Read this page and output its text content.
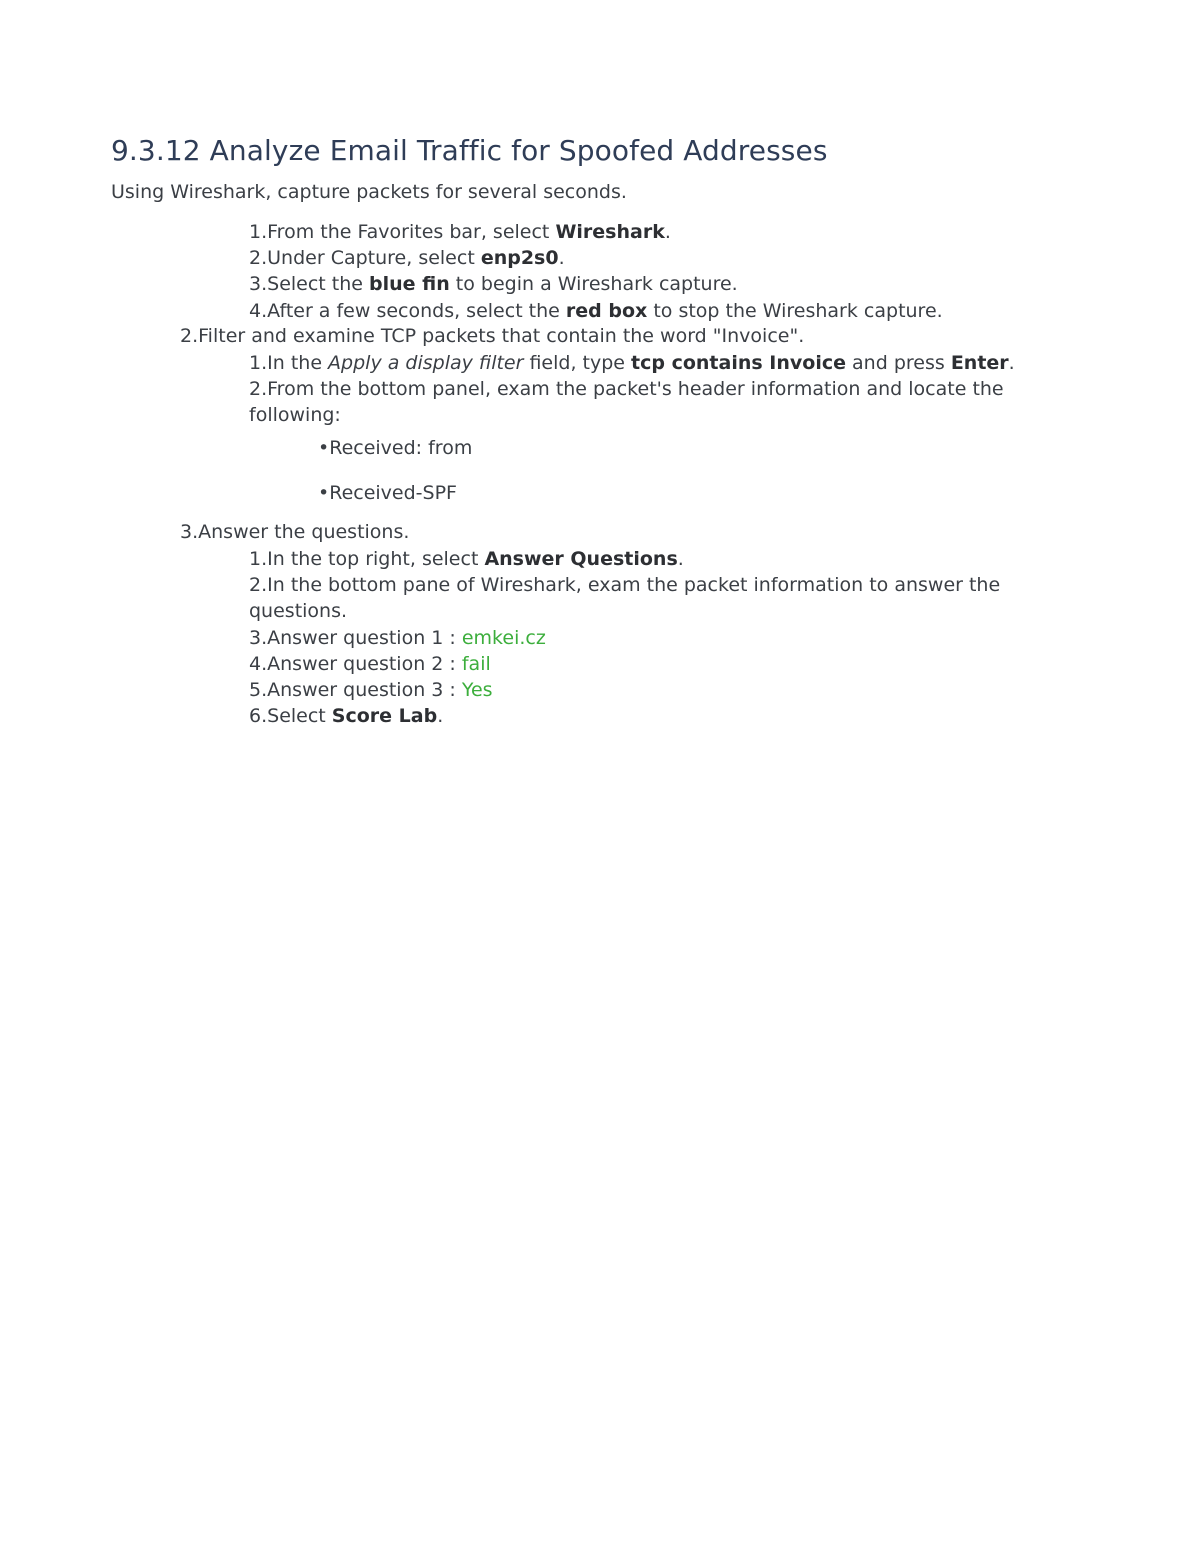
9.3.12 Analyze Email Traffic for Spoofed Addresses
Using Wireshark, capture packets for several seconds.
1.From the Favorites bar, select Wireshark.
2.Under Capture, select enp2s0.
3.Select the blue fin to begin a Wireshark capture.
4.After a few seconds, select the red box to stop the Wireshark capture.
2.Filter and examine TCP packets that contain the word "Invoice".
1.In the Apply a display filter field, type tcp contains Invoice and press Enter.
2.From the bottom panel, exam the packet's header information and locate the
following:
•Received: from
•Received-SPF
3.Answer the questions.
1.In the top right, select Answer Questions.
2.In the bottom pane of Wireshark, exam the packet information to answer the
questions.
3.Answer question 1 : emkei.cz
4.Answer question 2 : fail
5.Answer question 3 : Yes
6.Select Score Lab.
